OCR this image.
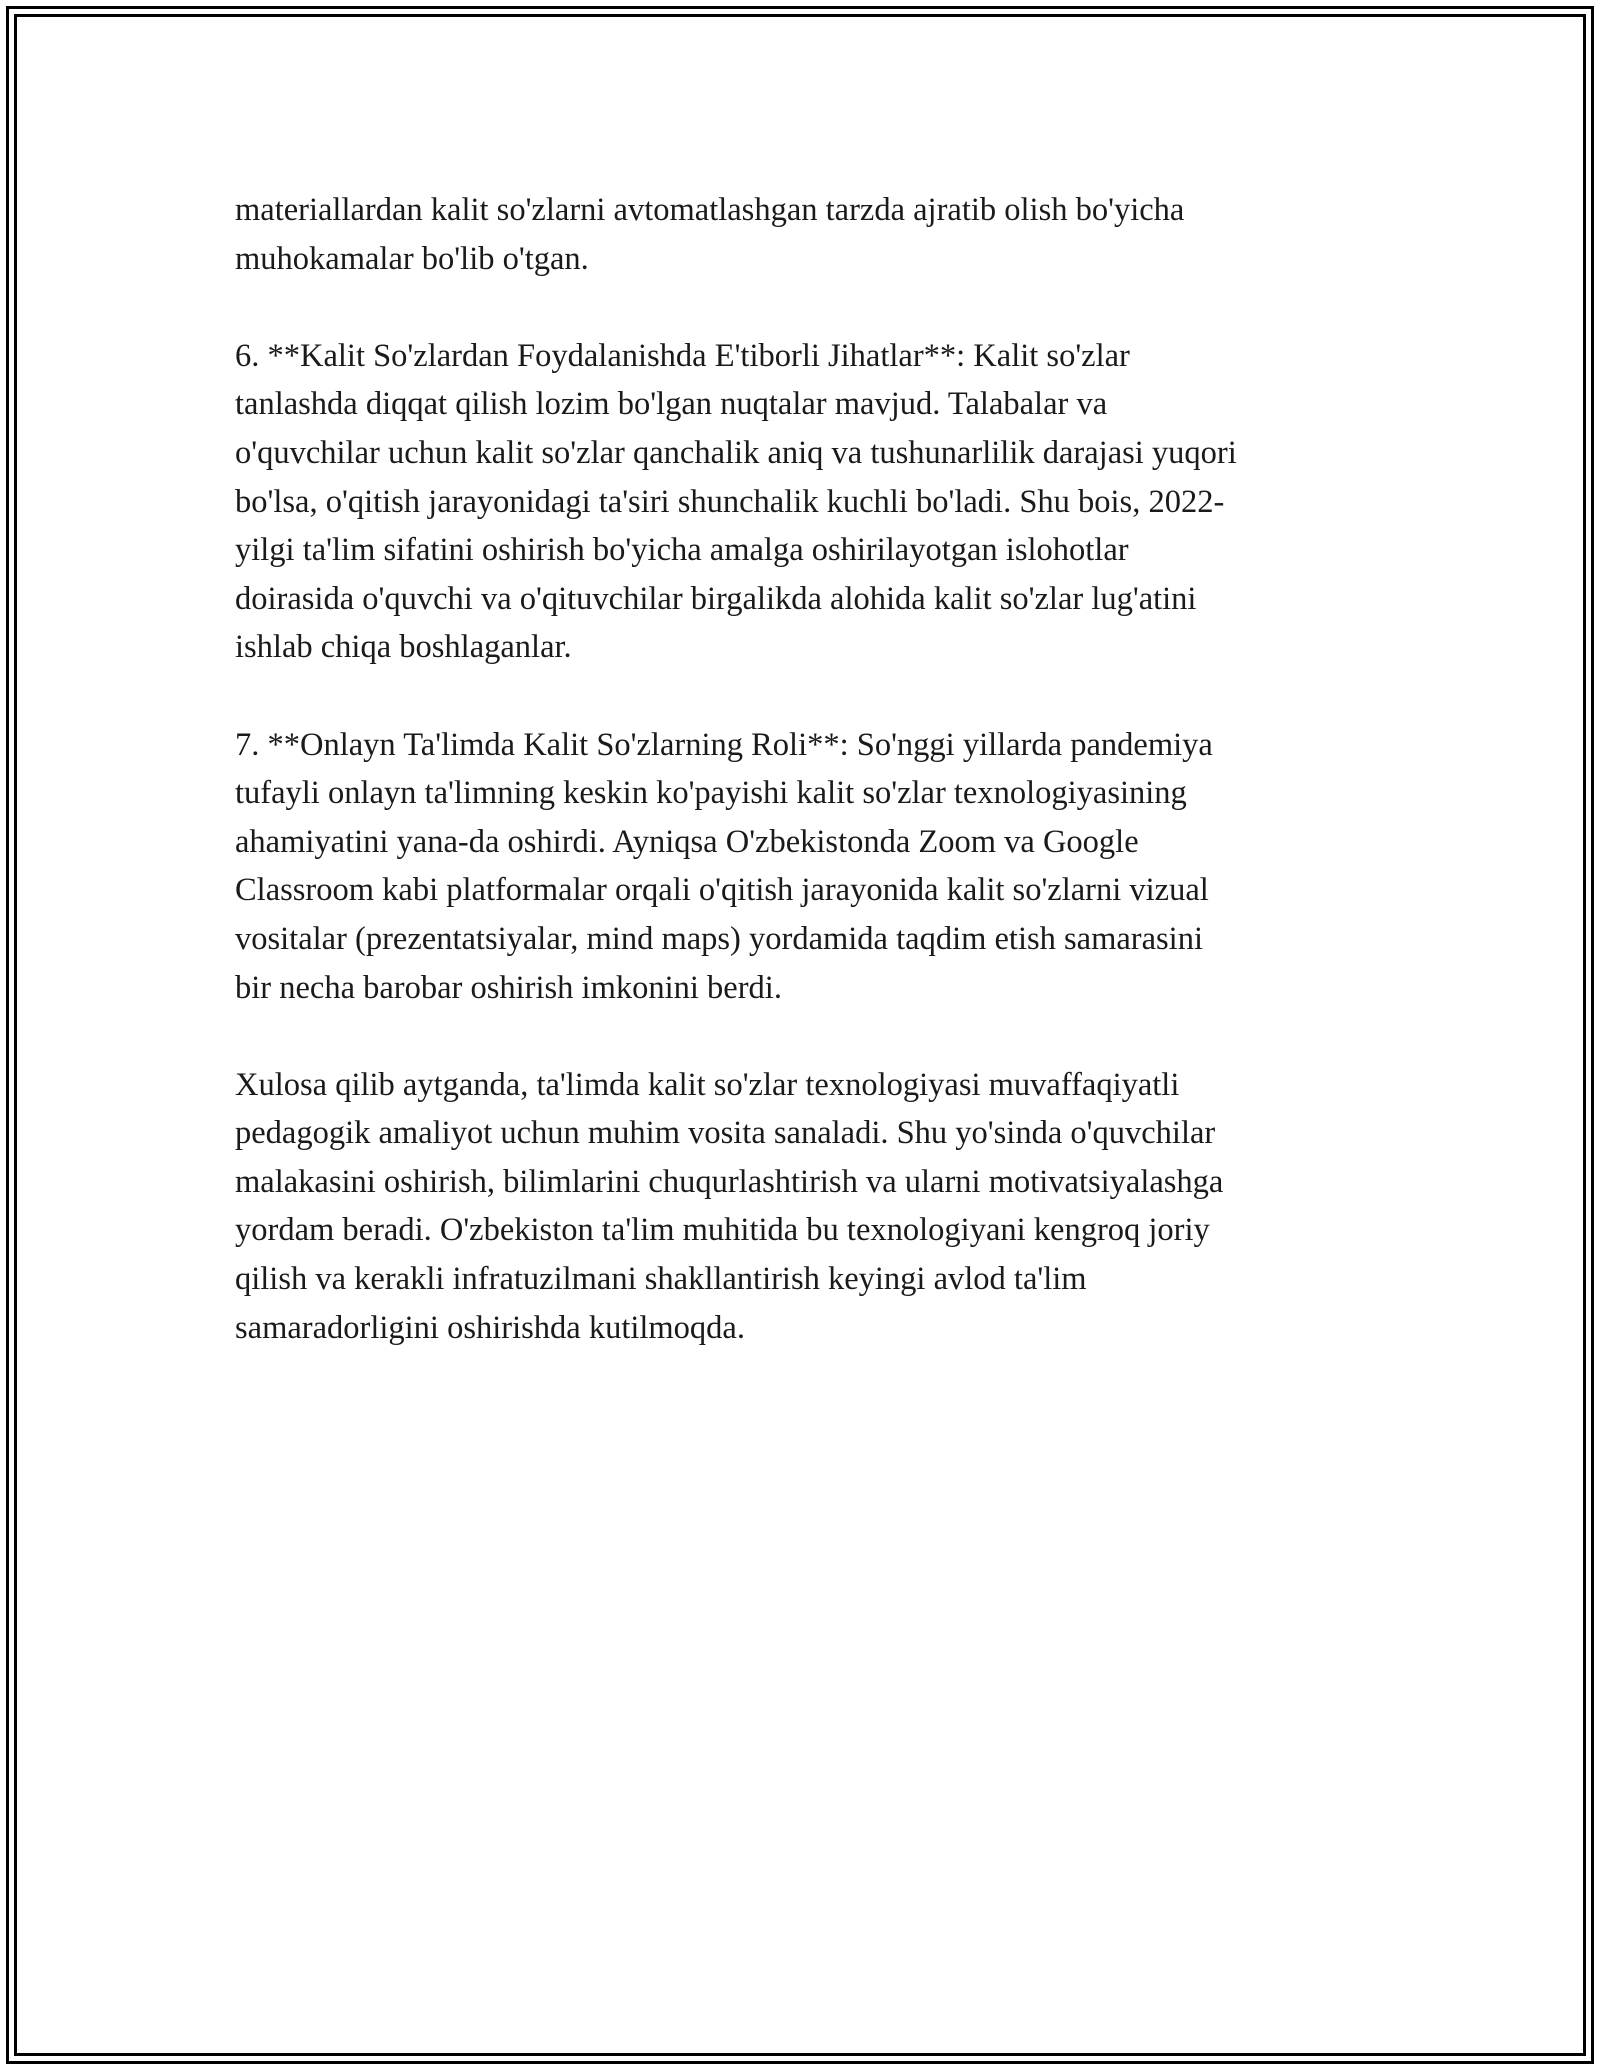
materiallardan kalit so'zlarni avtomatlashgan tarzda ajratib olish bo'yicha
muhokamalar bo'lib o'tgan.

6. **Kalit So'zlardan Foydalanishda E'tiborli Jihatlar**: Kalit so'zlar
tanlashda diqqat qilish lozim bo'lgan nuqtalar mavjud. Talabalar va
o'quvchilar uchun kalit so'zlar qanchalik aniq va tushunarlilik darajasi yuqori
bo'lsa, o'qitish jarayonidagi ta'siri shunchalik kuchli bo'ladi. Shu bois, 2022-
yilgi ta'lim sifatini oshirish bo'yicha amalga oshirilayotgan islohotlar
doirasida o'quvchi va o'qituvchilar birgalikda alohida kalit so'zlar lug'atini
ishlab chiqa boshlaganlar.

7. **Onlayn Ta'limda Kalit So'zlarning Roli**: So'nggi yillarda pandemiya
tufayli onlayn ta'limning keskin ko'payishi kalit so'zlar texnologiyasining
ahamiyatini yana-da oshirdi. Ayniqsa O'zbekistonda Zoom va Google
Classroom kabi platformalar orqali o'qitish jarayonida kalit so'zlarni vizual
vositalar (prezentatsiyalar, mind maps) yordamida taqdim etish samarasini
bir necha barobar oshirish imkonini berdi.

Xulosa qilib aytganda, ta'limda kalit so'zlar texnologiyasi muvaffaqiyatli
pedagogik amaliyot uchun muhim vosita sanaladi. Shu yo'sinda o'quvchilar
malakasini oshirish, bilimlarini chuqurlashtirish va ularni motivatsiyalashga
yordam beradi. O'zbekiston ta'lim muhitida bu texnologiyani kengroq joriy
qilish va kerakli infratuzilmani shakllantirish keyingi avlod ta'lim
samaradorligini oshirishda kutilmoqda.
